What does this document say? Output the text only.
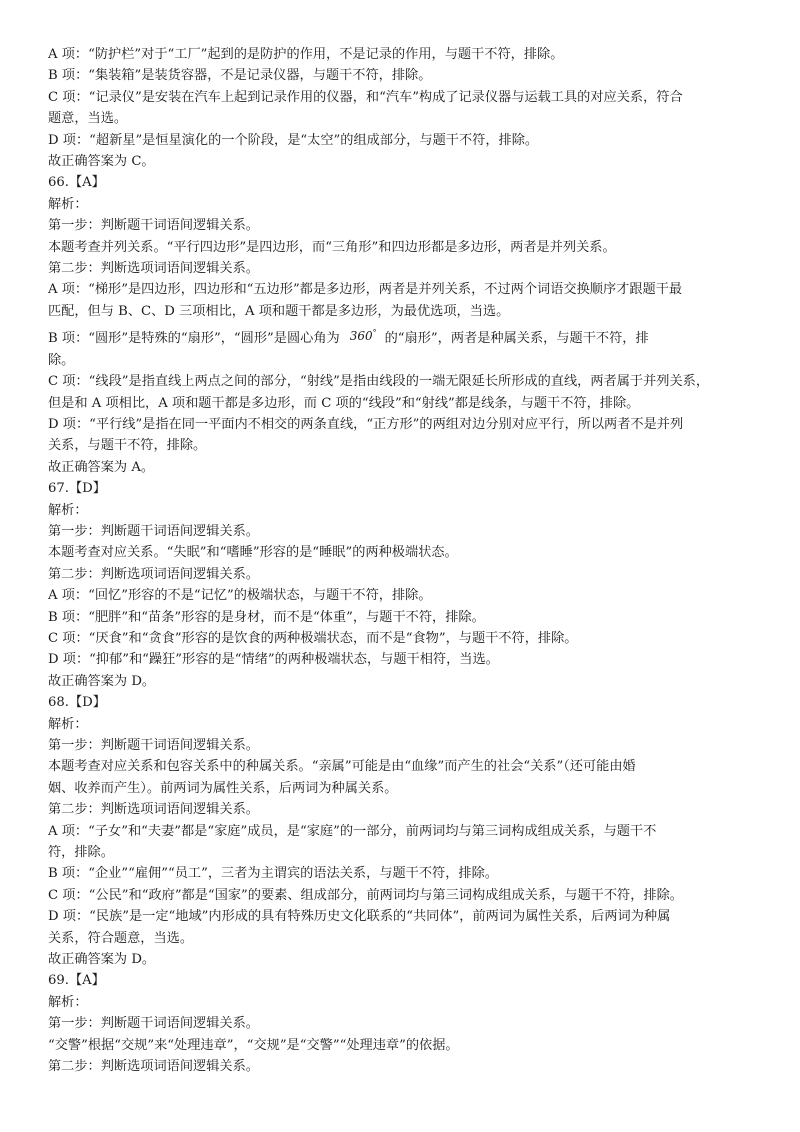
A 项：“防护栏”对于“工厂”起到的是防护的作用，不是记录的作用，与题干不符，排除。
B 项：“集装箱”是装货容器，不是记录仪器，与题干不符，排除。
C 项：“记录仪”是安装在汽车上起到记录作用的仪器，和“汽车”构成了记录仪器与运载工具的对应关系，符合
题意，当选。
D 项：“超新星”是恒星演化的一个阶段，是“太空”的组成部分，与题干不符，排除。
故正确答案为 C。
66.【A】
解析：
第一步：判断题干词语间逻辑关系。
本题考查并列关系。“平行四边形”是四边形，而“三角形”和四边形都是多边形，两者是并列关系。
第二步：判断选项词语间逻辑关系。
A 项：“梯形”是四边形，四边形和“五边形”都是多边形，两者是并列关系，不过两个词语交换顺序才跟题干最
匹配，但与 B、C、D 三项相比，A 项和题干都是多边形，为最优选项，当选。
B 项：“圆形”是特殊的“扇形”，“圆形”是圆心角为 360° 的“扇形”，两者是种属关系，与题干不符，排
除。
C 项：“线段”是指直线上两点之间的部分，“射线”是指由线段的一端无限延长所形成的直线，两者属于并列关系，
但是和 A 项相比，A 项和题干都是多边形，而 C 项的“线段”和“射线”都是线条，与题干不符，排除。
D 项：“平行线”是指在同一平面内不相交的两条直线，“正方形”的两组对边分别对应平行，所以两者不是并列
关系，与题干不符，排除。
故正确答案为 A。
67.【D】
解析：
第一步：判断题干词语间逻辑关系。
本题考查对应关系。“失眠”和“嗜睡”形容的是“睡眠”的两种极端状态。
第二步：判断选项词语间逻辑关系。
A 项：“回忆”形容的不是“记忆”的极端状态，与题干不符，排除。
B 项：“肥胖”和“苗条”形容的是身材，而不是“体重”，与题干不符，排除。
C 项：“厌食”和“贪食”形容的是饮食的两种极端状态，而不是“食物”，与题干不符，排除。
D 项：“抑郁”和“躁狂”形容的是“情绪”的两种极端状态，与题干相符，当选。
故正确答案为 D。
68.【D】
解析：
第一步：判断题干词语间逻辑关系。
本题考查对应关系和包容关系中的种属关系。“亲属”可能是由“血缘”而产生的社会“关系”（还可能由婚
姻、收养而产生）。前两词为属性关系，后两词为种属关系。
第二步：判断选项词语间逻辑关系。
A 项：“子女”和“夫妻”都是“家庭”成员，是“家庭”的一部分，前两词均与第三词构成组成关系，与题干不
符，排除。
B 项：“企业”“雇佣”“员工”，三者为主谓宾的语法关系，与题干不符，排除。
C 项：“公民”和“政府”都是“国家”的要素、组成部分，前两词均与第三词构成组成关系，与题干不符，排除。
D 项：“民族”是一定“地域”内形成的具有特殊历史文化联系的“共同体”，前两词为属性关系，后两词为种属
关系，符合题意，当选。
故正确答案为 D。
69.【A】
解析：
第一步：判断题干词语间逻辑关系。
“交警”根据“交规”来“处理违章”，“交规”是“交警”“处理违章”的依据。
第二步：判断选项词语间逻辑关系。
